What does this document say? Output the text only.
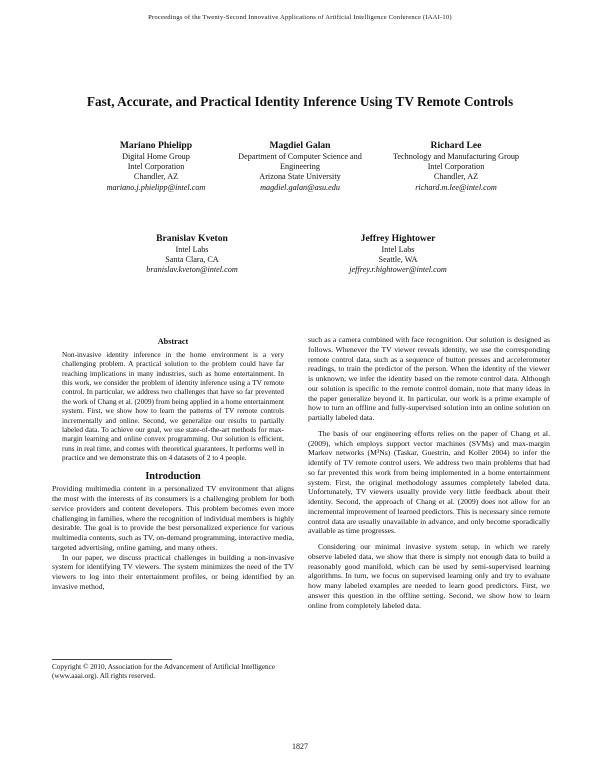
Proceedings of the Twenty-Second Innovative Applications of Artificial Intelligence Conference (IAAI-10)
Fast, Accurate, and Practical Identity Inference Using TV Remote Controls
Mariano Phielipp
Digital Home Group
Intel Corporation
Chandler, AZ
mariano.j.phielipp@intel.com
Magdiel Galan
Department of Computer Science and
Engineering
Arizona State University
magdiel.galan@asu.edu
Richard Lee
Technology and Manufacturing Group
Intel Corporation
Chandler, AZ
richard.m.lee@intel.com
Branislav Kveton
Intel Labs
Santa Clara, CA
branislav.kveton@intel.com
Jeffrey Hightower
Intel Labs
Seattle, WA
jeffrey.r.hightower@intel.com
Abstract

Non-invasive identity inference in the home environment is a very challenging problem. A practical solution to the problem could have far reaching implications in many industries, such as home entertainment. In this work, we consider the problem of identity inference using a TV remote control. In particular, we address two challenges that have so far prevented the work of Chang et al. (2009) from being applied in a home entertainment system. First, we show how to learn the patterns of TV remote controls incrementally and online. Second, we generalize our results to partially labeled data. To achieve our goal, we use state-of-the-art methods for max-margin learning and online convex programming. Our solution is efficient, runs in real time, and comes with theoretical guarantees. It performs well in practice and we demonstrate this on 4 datasets of 2 to 4 people.

Introduction

Providing multimedia content in a personalized TV environment that aligns the most with the interests of its consumers is a challenging problem for both service providers and content developers. This problem becomes even more challenging in families, where the recognition of individual members is highly desirable. The goal is to provide the best personalized experience for various multimedia contents, such as TV, on-demand programming, interactive media, targeted advertising, online gaming, and many others.

In our paper, we discuss practical challenges in building a non-invasive system for identifying TV viewers. The system minimizes the need of the TV viewers to log into their entertainment profiles, or being identified by an invasive method,

Copyright © 2010, Association for the Advancement of Artificial Intelligence (www.aaai.org). All rights reserved.

such as a camera combined with face recognition. Our solution is designed as follows. Whenever the TV viewer reveals identity, we use the corresponding remote control data, such as a sequence of button presses and accelerometer readings, to train the predictor of the person. When the identity of the viewer is unknown, we infer the identity based on the remote control data. Although our solution is specific to the remote control domain, note that many ideas in the paper generalize beyond it. In particular, our work is a prime example of how to turn an offline and fully-supervised solution into an online solution on partially labeled data.

The basis of our engineering efforts relies on the paper of Chang et al. (2009), which employs support vector machines (SVMs) and max-margin Markov networks (M³Ns) (Taskar, Guestrin, and Koller 2004) to infer the identify of TV remote control users. We address two main problems that had so far prevented this work from being implemented in a home entertainment system. First, the original methodology assumes completely labeled data. Unfortunately, TV viewers usually provide very little feedback about their identity. Second, the approach of Chang et al. (2009) does not allow for an incremental improvement of learned predictors. This is necessary since remote control data are usually unavailable in advance, and only become sporadically available as time progresses.

Considering our minimal invasive system setup, in which we rarely observe labeled data, we show that there is simply not enough data to build a reasonably good manifold, which can be used by semi-supervised learning algorithms. In turn, we focus on supervised learning only and try to evaluate how many labeled examples are needed to learn good predictors. First, we answer this question in the offline setting. Second, we show how to learn online from completely labeled data.

1827
